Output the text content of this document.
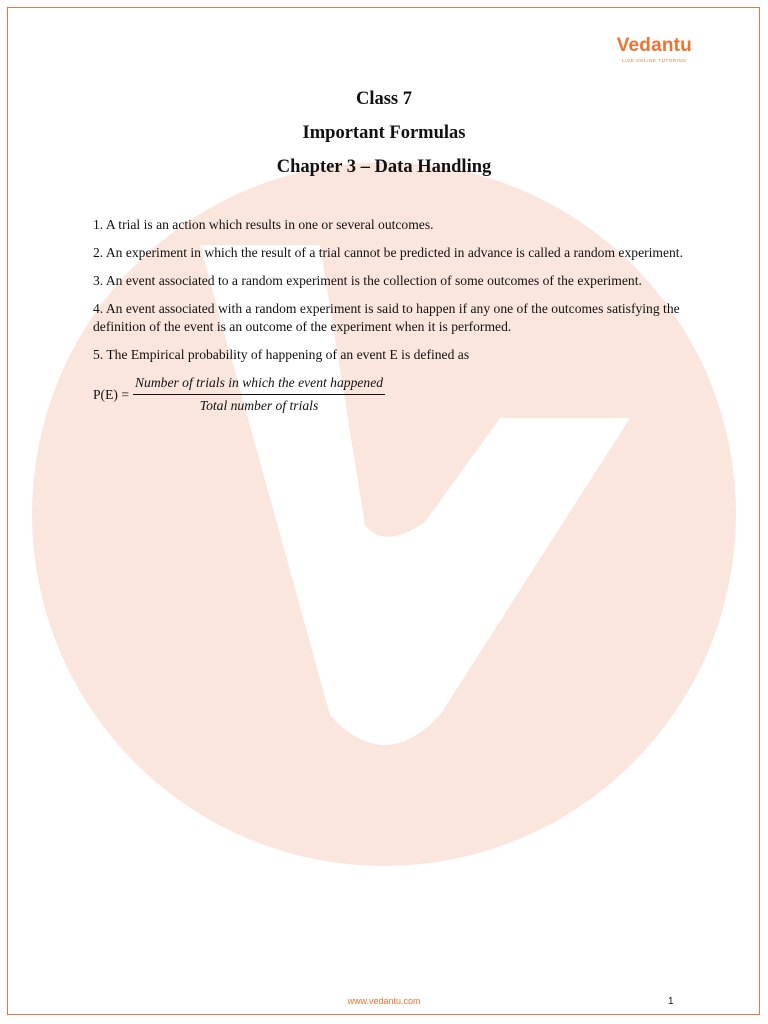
Vedantu
LIVE ONLINE TUTORING
Class 7
Important Formulas
Chapter 3 – Data Handling

1. A trial is an action which results in one or several outcomes.

2. An experiment in which the result of a trial cannot be predicted in advance is called a random experiment.

3. An event associated to a random experiment is the collection of some outcomes of the experiment.

4. An event associated with a random experiment is said to happen if any one of the outcomes satisfying the definition of the event is an outcome of the experiment when it is performed.

5. The Empirical probability of happening of an event E is defined as

$P(E) = \frac{\text{Number of trials in which the event happened}}{\text{Total number of trials}}$
www.vedantu.com	1
